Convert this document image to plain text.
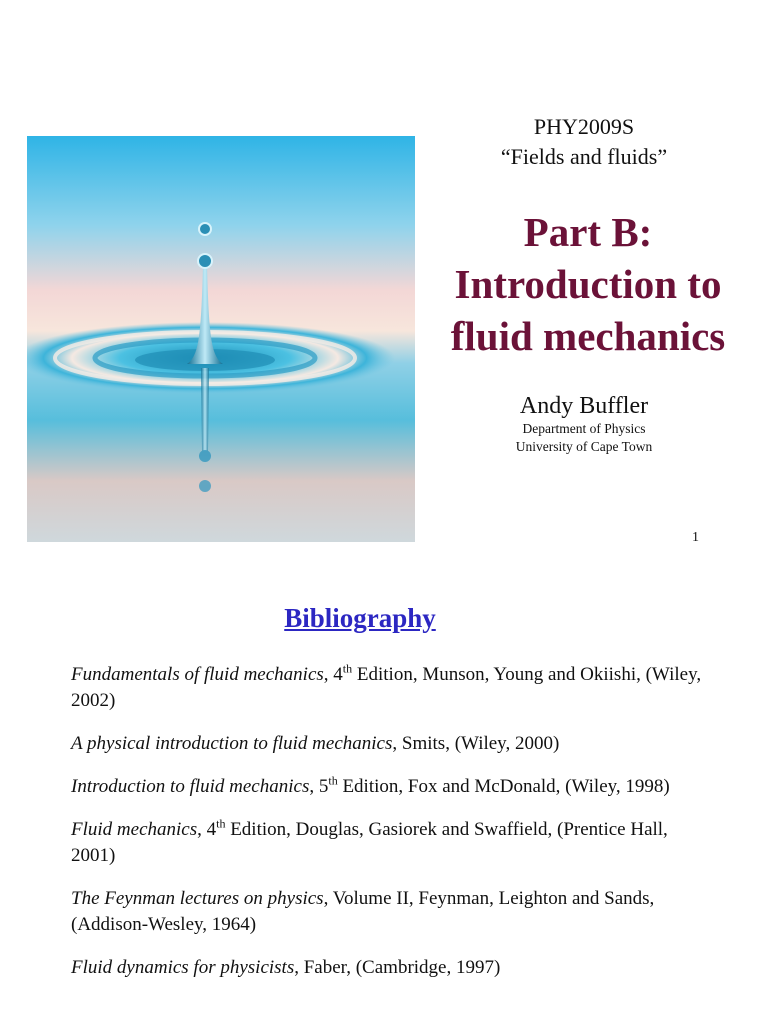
PHY2009S
“Fields and fluids”
Part B:
Introduction to
fluid mechanics
Andy Buffler
Department of Physics
University of Cape Town
1
Bibliography

Fundamentals of fluid mechanics, 4th Edition, Munson, Young and Okiishi, (Wiley, 2002)

A physical introduction to fluid mechanics, Smits, (Wiley, 2000)

Introduction to fluid mechanics, 5th Edition, Fox and McDonald, (Wiley, 1998)

Fluid mechanics, 4th Edition, Douglas, Gasiorek and Swaffield, (Prentice Hall, 2001)

The Feynman lectures on physics, Volume II, Feynman, Leighton and Sands, (Addison-Wesley, 1964)

Fluid dynamics for physicists, Faber, (Cambridge, 1997)
